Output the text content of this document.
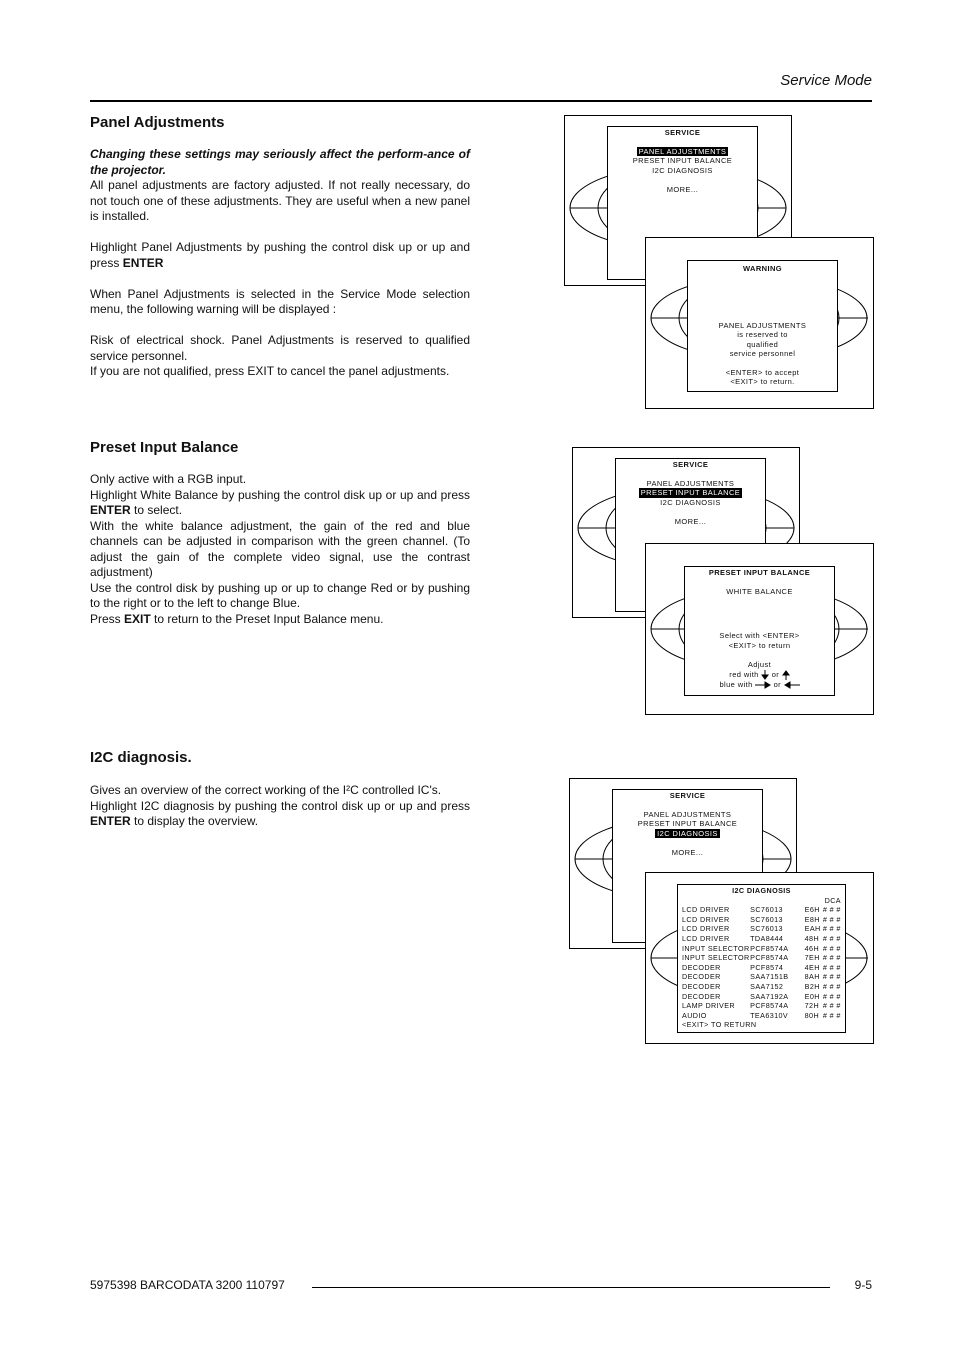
Service Mode
Panel Adjustments

Changing these settings may seriously affect the perform-ance of the projector.

All panel adjustments are factory adjusted. If not really necessary, do not touch one of these adjustments. They are useful when a new panel is installed.

Highlight Panel Adjustments by pushing the control disk up or up and press ENTER

When Panel Adjustments is selected in the Service Mode selection menu, the following warning will be displayed :

Risk of electrical shock. Panel Adjustments is reserved to qualified service personnel.

If you are not qualified, press EXIT to cancel the panel adjustments.

SERVICE
PANEL ADJUSTMENTS
PRESET INPUT BALANCE
I2C DIAGNOSIS
MORE...
WARNING
PANEL ADJUSTMENTS
is reserved to
qualified
service personnel
<ENTER> to accept
<EXIT> to return.
Preset Input Balance

Only active with a RGB input.

Highlight White Balance by pushing the control disk up or up and press ENTER to select.

With the white balance adjustment, the gain of the red and blue channels can be adjusted in comparison with the green channel. (To adjust the gain of the complete video signal, use the contrast adjustment)

Use the control disk by pushing up or up to change Red or by pushing to the right or to the left to change Blue.

Press EXIT to return to the Preset Input Balance menu.

SERVICE
PANEL ADJUSTMENTS
PRESET INPUT BALANCE
I2C DIAGNOSIS
MORE...
PRESET INPUT BALANCE
WHITE BALANCE
Select with <ENTER>
<EXIT> to return
Adjust
red with or
blue with	or
I2C diagnosis.

Gives an overview of the correct working of the I²C controlled IC's.

Highlight I2C diagnosis by pushing the control disk up or up and press ENTER to display the overview.

SERVICE
PANEL ADJUSTMENTS
PRESET INPUT BALANCE
I2C DIAGNOSIS
MORE...
I2C DIAGNOSIS
DCA
LCD DRIVER	SC76013	E6H # # #
LCD DRIVER	SC76013	E8H # # #
LCD DRIVER	SC76013	EAH # # #
LCD DRIVER	TDA8444	48H # # #
INPUT SELECTOR PCF8574A	46H # # #
INPUT SELECTOR PCF8574A	7EH # # #
DECODER	PCF8574	4EH # # #
DECODER	SAA7151B	8AH # # #
DECODER	SAA7152	B2H # # #
DECODER	SAA7192A	E0H # # #
LAMP DRIVER	PCF8574A	72H # # #
AUDIO	TEA6310V	80H # # #
<EXIT> TO RETURN
5975398 BARCODATA 3200 110797	9-5
